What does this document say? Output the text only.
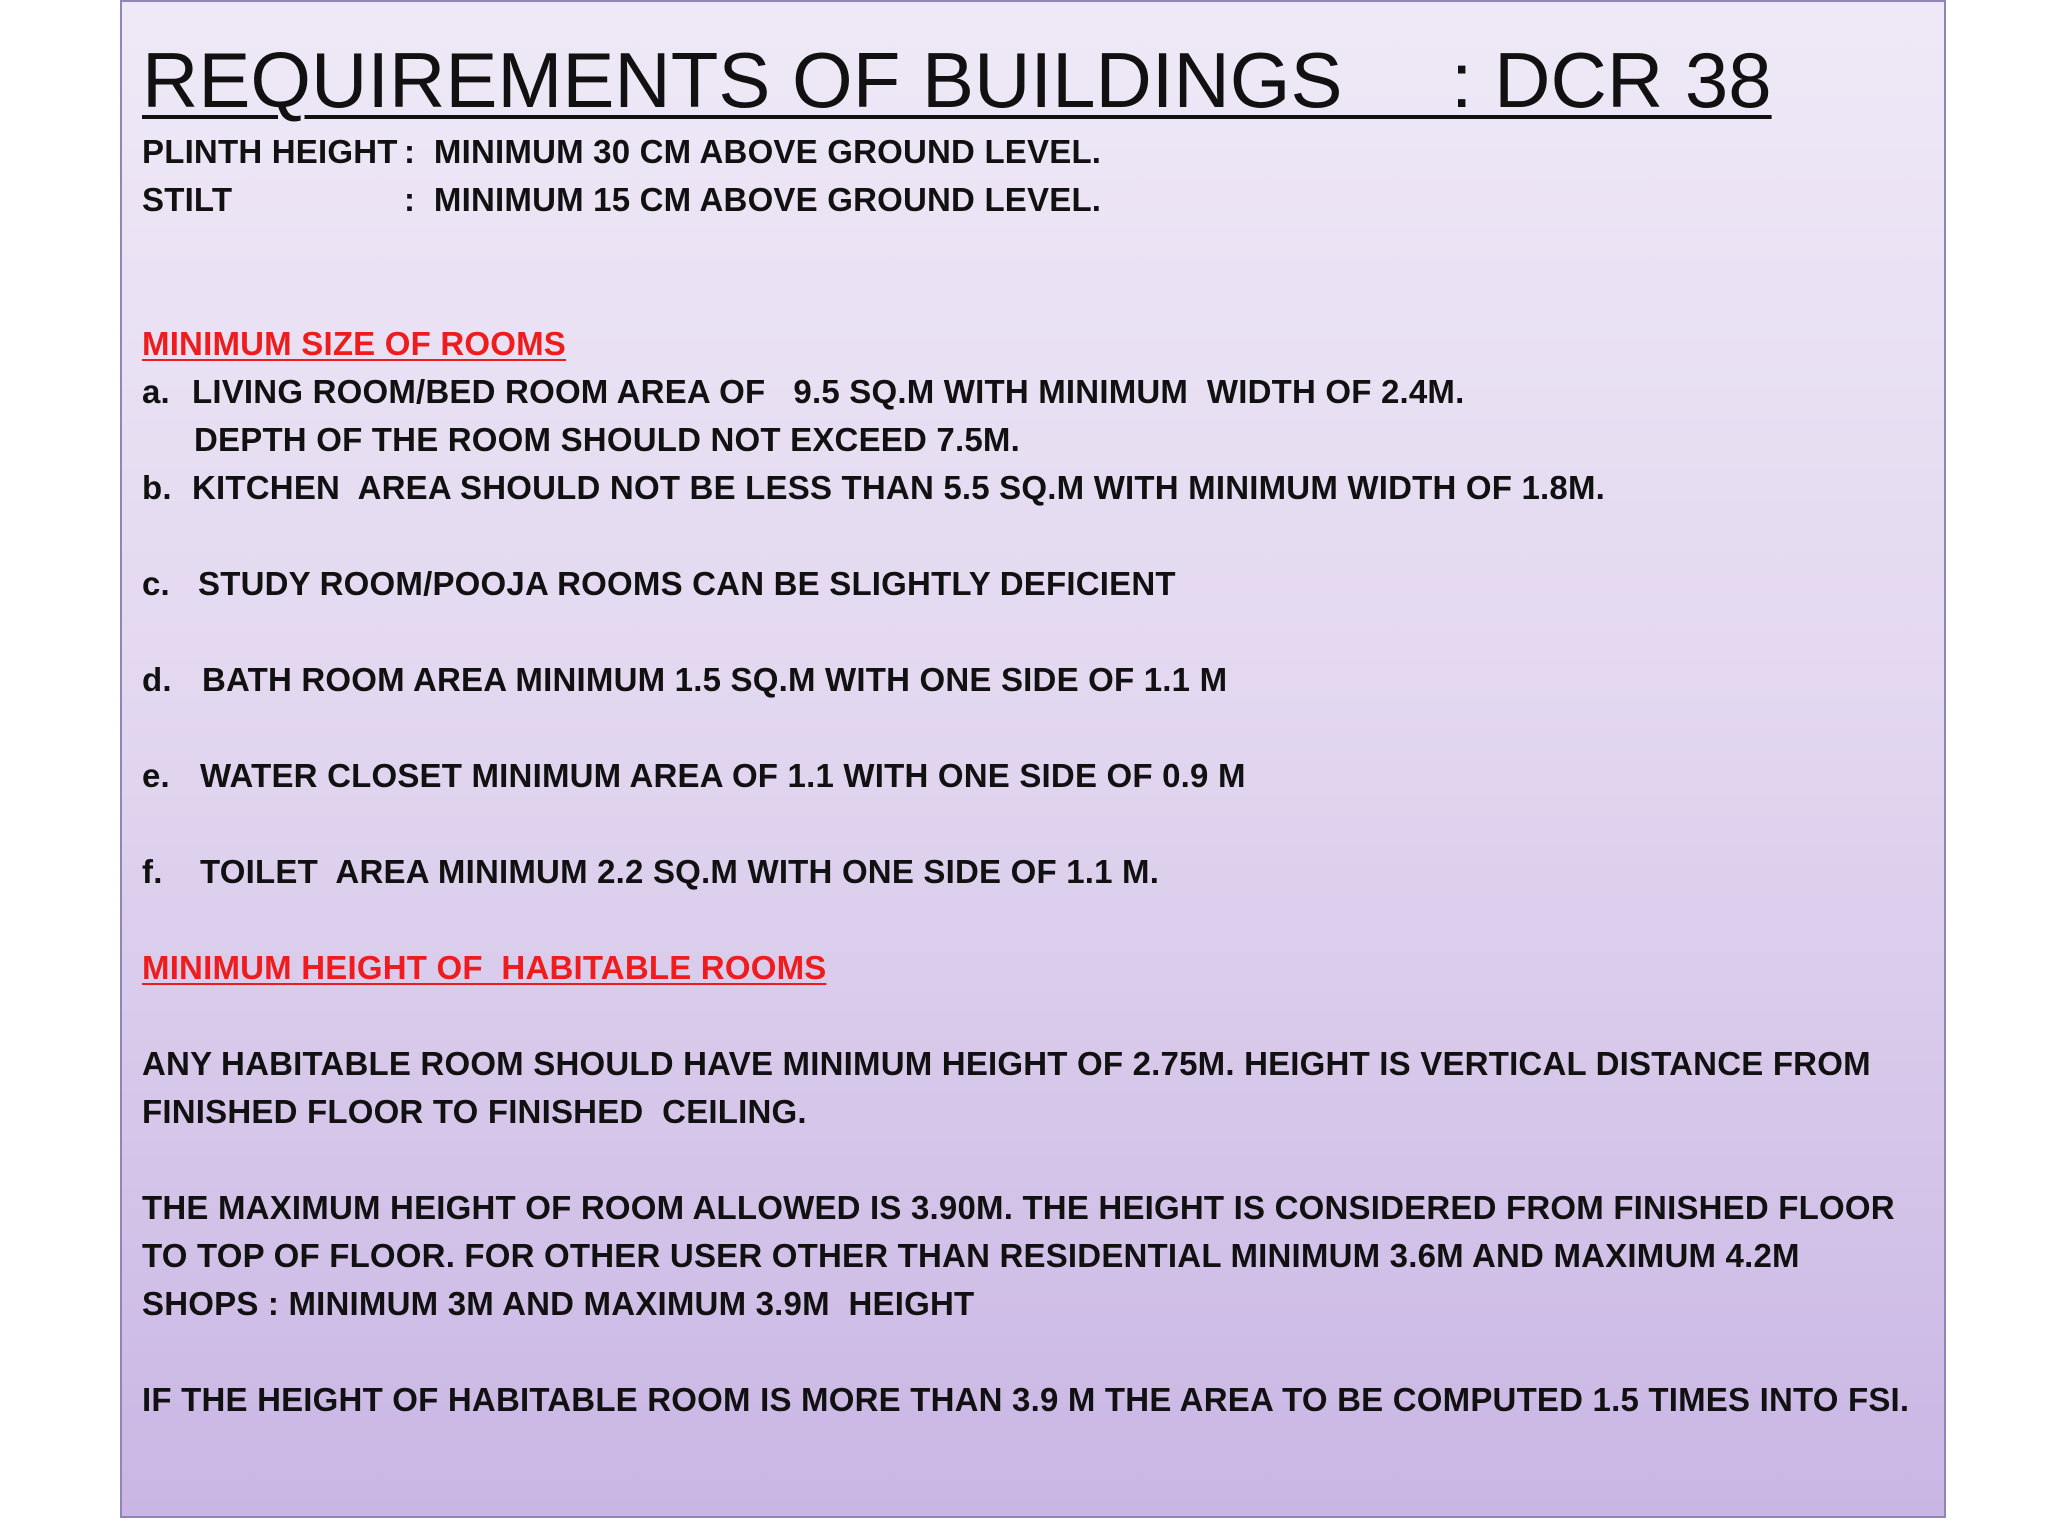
REQUIREMENTS OF BUILDINGS     : DCR 38

PLINTH HEIGHT :  MINIMUM 30 CM ABOVE GROUND LEVEL.

STILT	:  MINIMUM 15 CM ABOVE GROUND LEVEL.

MINIMUM SIZE OF ROOMS

a. LIVING ROOM/BED ROOM AREA OF   9.5 SQ.M WITH MINIMUM  WIDTH OF 2.4M.

DEPTH OF THE ROOM SHOULD NOT EXCEED 7.5M.

b. KITCHEN  AREA SHOULD NOT BE LESS THAN 5.5 SQ.M WITH MINIMUM WIDTH OF 1.8M.

c. STUDY ROOM/POOJA ROOMS CAN BE SLIGHTLY DEFICIENT

d. BATH ROOM AREA MINIMUM 1.5 SQ.M WITH ONE SIDE OF 1.1 M

e. WATER CLOSET MINIMUM AREA OF 1.1 WITH ONE SIDE OF 0.9 M

f. TOILET  AREA MINIMUM 2.2 SQ.M WITH ONE SIDE OF 1.1 M.

MINIMUM HEIGHT OF  HABITABLE ROOMS

ANY HABITABLE ROOM SHOULD HAVE MINIMUM HEIGHT OF 2.75M. HEIGHT IS VERTICAL DISTANCE FROM

FINISHED FLOOR TO FINISHED  CEILING.

THE MAXIMUM HEIGHT OF ROOM ALLOWED IS 3.90M. THE HEIGHT IS CONSIDERED FROM FINISHED FLOOR

TO TOP OF FLOOR. FOR OTHER USER OTHER THAN RESIDENTIAL MINIMUM 3.6M AND MAXIMUM 4.2M

SHOPS : MINIMUM 3M AND MAXIMUM 3.9M  HEIGHT

IF THE HEIGHT OF HABITABLE ROOM IS MORE THAN 3.9 M THE AREA TO BE COMPUTED 1.5 TIMES INTO FSI.
